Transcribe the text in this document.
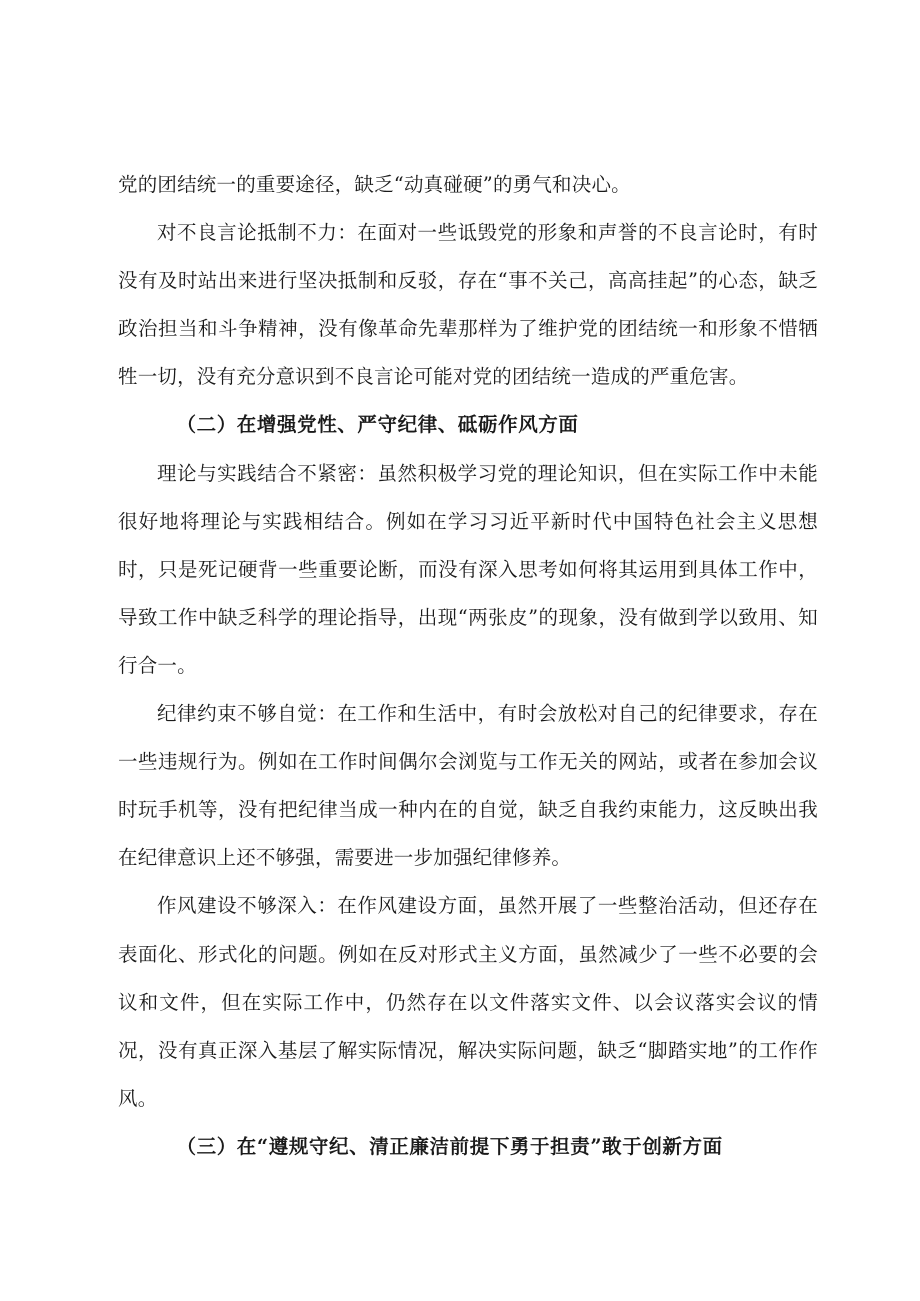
党的团结统一的重要途径，缺乏“动真碰硬”的勇气和决心。

对不良言论抵制不力：在面对一些诋毁党的形象和声誉的不良言论时，有时没有及时站出来进行坚决抵制和反驳，存在“事不关己，高高挂起”的心态，缺乏政治担当和斗争精神，没有像革命先辈那样为了维护党的团结统一和形象不惜牺牲一切，没有充分意识到不良言论可能对党的团结统一造成的严重危害。

（二）在增强党性、严守纪律、砥砺作风方面

理论与实践结合不紧密：虽然积极学习党的理论知识，但在实际工作中未能很好地将理论与实践相结合。例如在学习习近平新时代中国特色社会主义思想时，只是死记硬背一些重要论断，而没有深入思考如何将其运用到具体工作中，导致工作中缺乏科学的理论指导，出现“两张皮”的现象，没有做到学以致用、知行合一。

纪律约束不够自觉：在工作和生活中，有时会放松对自己的纪律要求，存在一些违规行为。例如在工作时间偶尔会浏览与工作无关的网站，或者在参加会议时玩手机等，没有把纪律当成一种内在的自觉，缺乏自我约束能力，这反映出我在纪律意识上还不够强，需要进一步加强纪律修养。

作风建设不够深入：在作风建设方面，虽然开展了一些整治活动，但还存在表面化、形式化的问题。例如在反对形式主义方面，虽然减少了一些不必要的会议和文件，但在实际工作中，仍然存在以文件落实文件、以会议落实会议的情况，没有真正深入基层了解实际情况，解决实际问题，缺乏“脚踏实地”的工作作风。

（三）在“遵规守纪、清正廉洁前提下勇于担责”敢于创新方面
